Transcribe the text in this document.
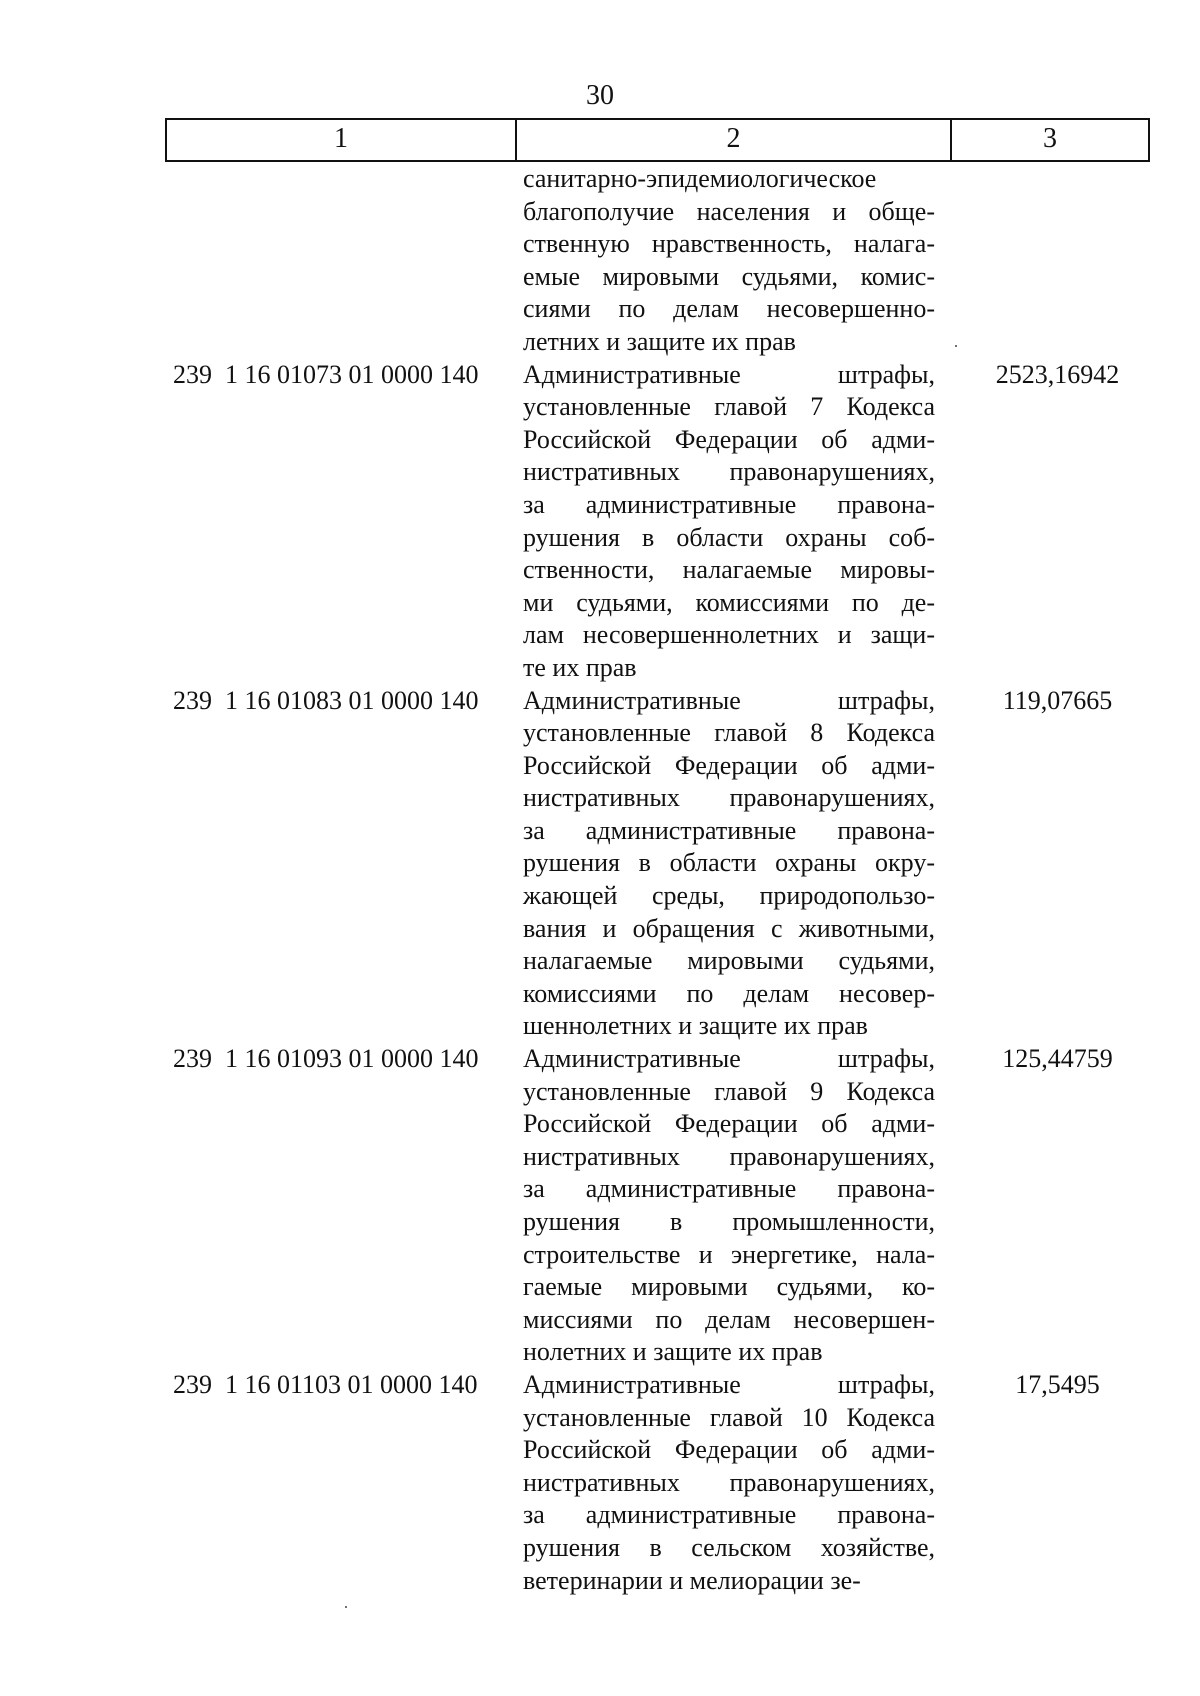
30
1	2	3
санитарно-эпидемиологическое
благополучие населения и обще-
ственную нравственность, налага-
емые мировыми судьями, комис-
сиями по делам несовершенно-
летних и защите их прав
239  1 16 01073 01 0000 140	Административные штрафы,
установленные главой 7 Кодекса
Российской Федерации об адми-
нистративных правонарушениях,
за административные правона-
рушения в области охраны соб-
ственности, налагаемые мировы-
ми судьями, комиссиями по де-
лам несовершеннолетних и защи-
те их прав
2523,16942
239  1 16 01083 01 0000 140	Административные штрафы,
установленные главой 8 Кодекса
Российской Федерации об адми-
нистративных правонарушениях,
за административные правона-
рушения в области охраны окру-
жающей среды, природопользо-
вания и обращения с животными,
налагаемые мировыми судьями,
комиссиями по делам несовер-
шеннолетних и защите их прав
119,07665
239  1 16 01093 01 0000 140	Административные штрафы,
установленные главой 9 Кодекса
Российской Федерации об адми-
нистративных правонарушениях,
за административные правона-
рушения в промышленности,
строительстве и энергетике, нала-
гаемые мировыми судьями, ко-
миссиями по делам несовершен-
нолетних и защите их прав
125,44759
239  1 16 01103 01 0000 140	Административные штрафы,
установленные главой 10 Кодекса
Российской Федерации об адми-
нистративных правонарушениях,
за административные правона-
рушения в сельском хозяйстве,
ветеринарии и мелиорации зе-
17,5495
